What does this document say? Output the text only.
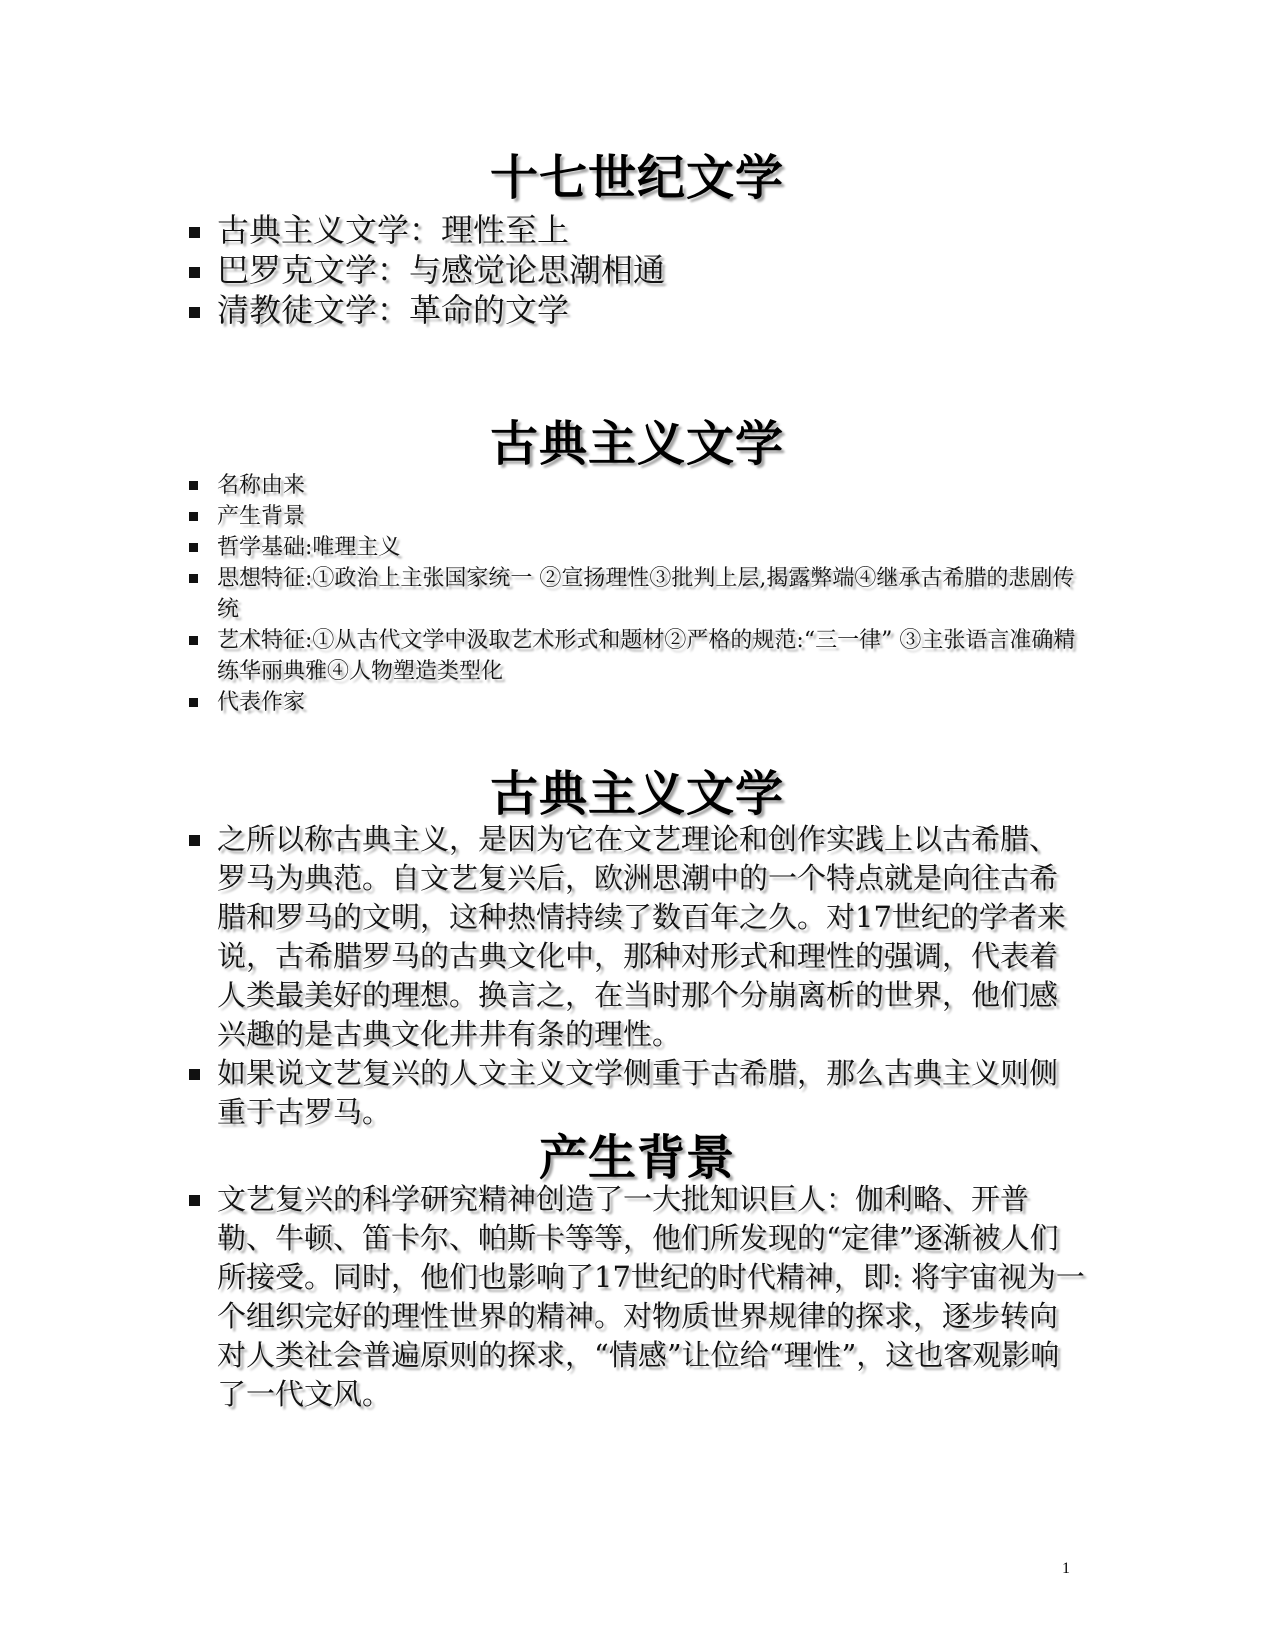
十七世纪文学
古典主义文学：理性至上
巴罗克文学：与感觉论思潮相通
清教徒文学：革命的文学
古典主义文学
名称由来
产生背景
哲学基础:唯理主义
思想特征:①政治上主张国家统一 ②宣扬理性③批判上层,揭露弊端④继承古希腊的悲剧传统
艺术特征:①从古代文学中汲取艺术形式和题材②严格的规范:“三一律” ③主张语言准确精练华丽典雅④人物塑造类型化
代表作家
古典主义文学
之所以称古典主义，是因为它在文艺理论和创作实践上以古希腊、罗马为典范。自文艺复兴后，欧洲思潮中的一个特点就是向往古希腊和罗马的文明，这种热情持续了数百年之久。对17世纪的学者来说，古希腊罗马的古典文化中，那种对形式和理性的强调，代表着人类最美好的理想。换言之，在当时那个分崩离析的世界，他们感兴趣的是古典文化井井有条的理性。
如果说文艺复兴的人文主义文学侧重于古希腊，那么古典主义则侧重于古罗马。
产生背景
文艺复兴的科学研究精神创造了一大批知识巨人：伽利略、开普勒、牛顿、笛卡尔、帕斯卡等等，他们所发现的“定律”逐渐被人们所接受。同时，他们也影响了17世纪的时代精神，即: 将宇宙视为一个组织完好的理性世界的精神。对物质世界规律的探求，逐步转向对人类社会普遍原则的探求，“情感”让位给“理性”，这也客观影响了一代文风。
1
